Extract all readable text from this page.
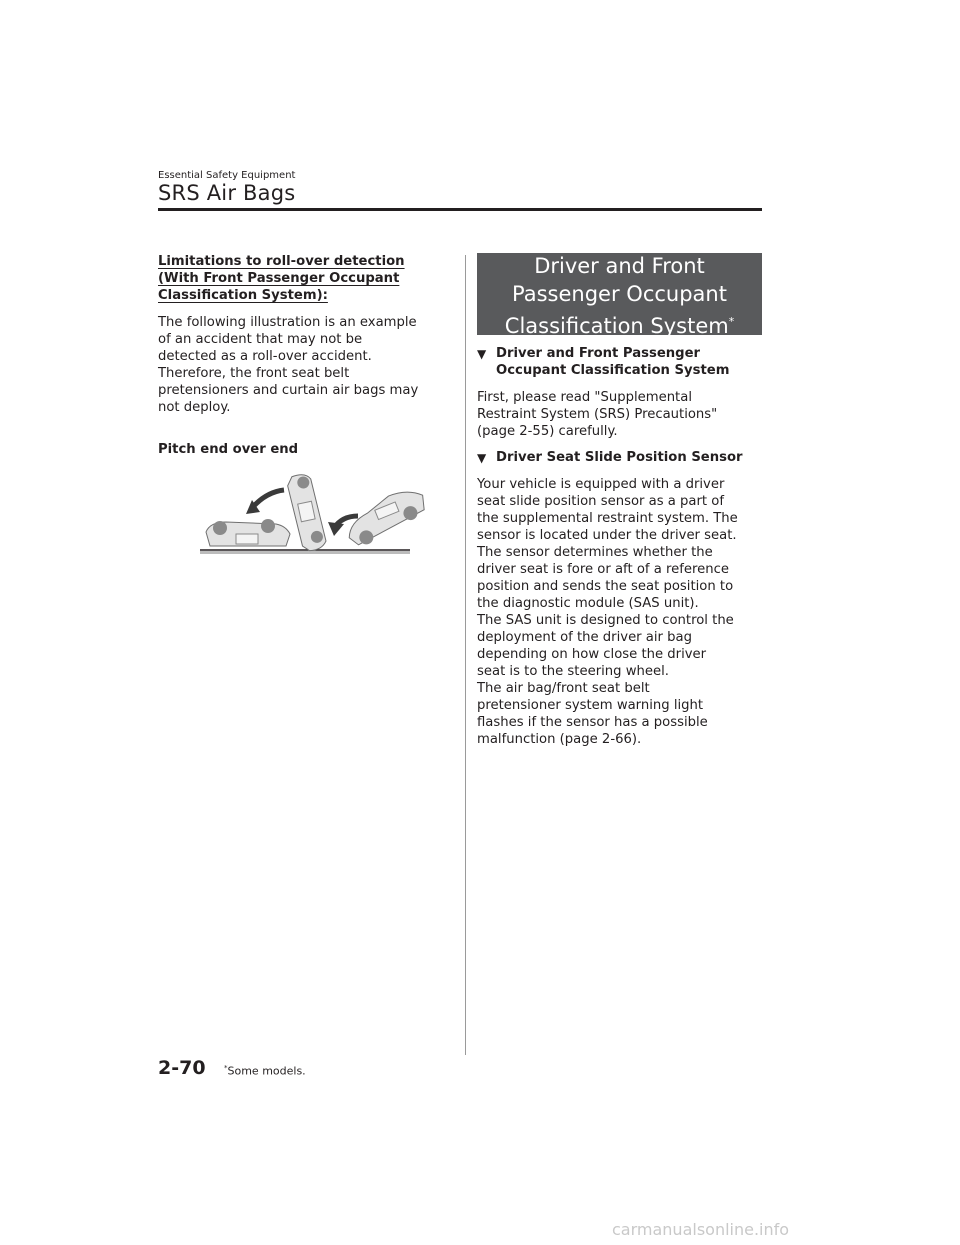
Essential Safety Equipment
SRS Air Bags

Limitations to roll-over detection
(With Front Passenger Occupant
Classification System):

The following illustration is an example
of an accident that may not be
detected as a roll-over accident.
Therefore, the front seat belt
pretensioners and curtain air bags may
not deploy.

Pitch end over end

Driver and Front
Passenger Occupant
Classification System*
▼ Driver and Front Passenger
Occupant Classification System

First, please read "Supplemental
Restraint System (SRS) Precautions"
(page 2-55) carefully.

▼ Driver Seat Slide Position Sensor

Your vehicle is equipped with a driver
seat slide position sensor as a part of
the supplemental restraint system. The
sensor is located under the driver seat.
The sensor determines whether the
driver seat is fore or aft of a reference
position and sends the seat position to
the diagnostic module (SAS unit).
The SAS unit is designed to control the
deployment of the driver air bag
depending on how close the driver
seat is to the steering wheel.
The air bag/front seat belt
pretensioner system warning light
flashes if the sensor has a possible
malfunction (page 2-66).

2-70	*Some models.
carmanualsonline.info
